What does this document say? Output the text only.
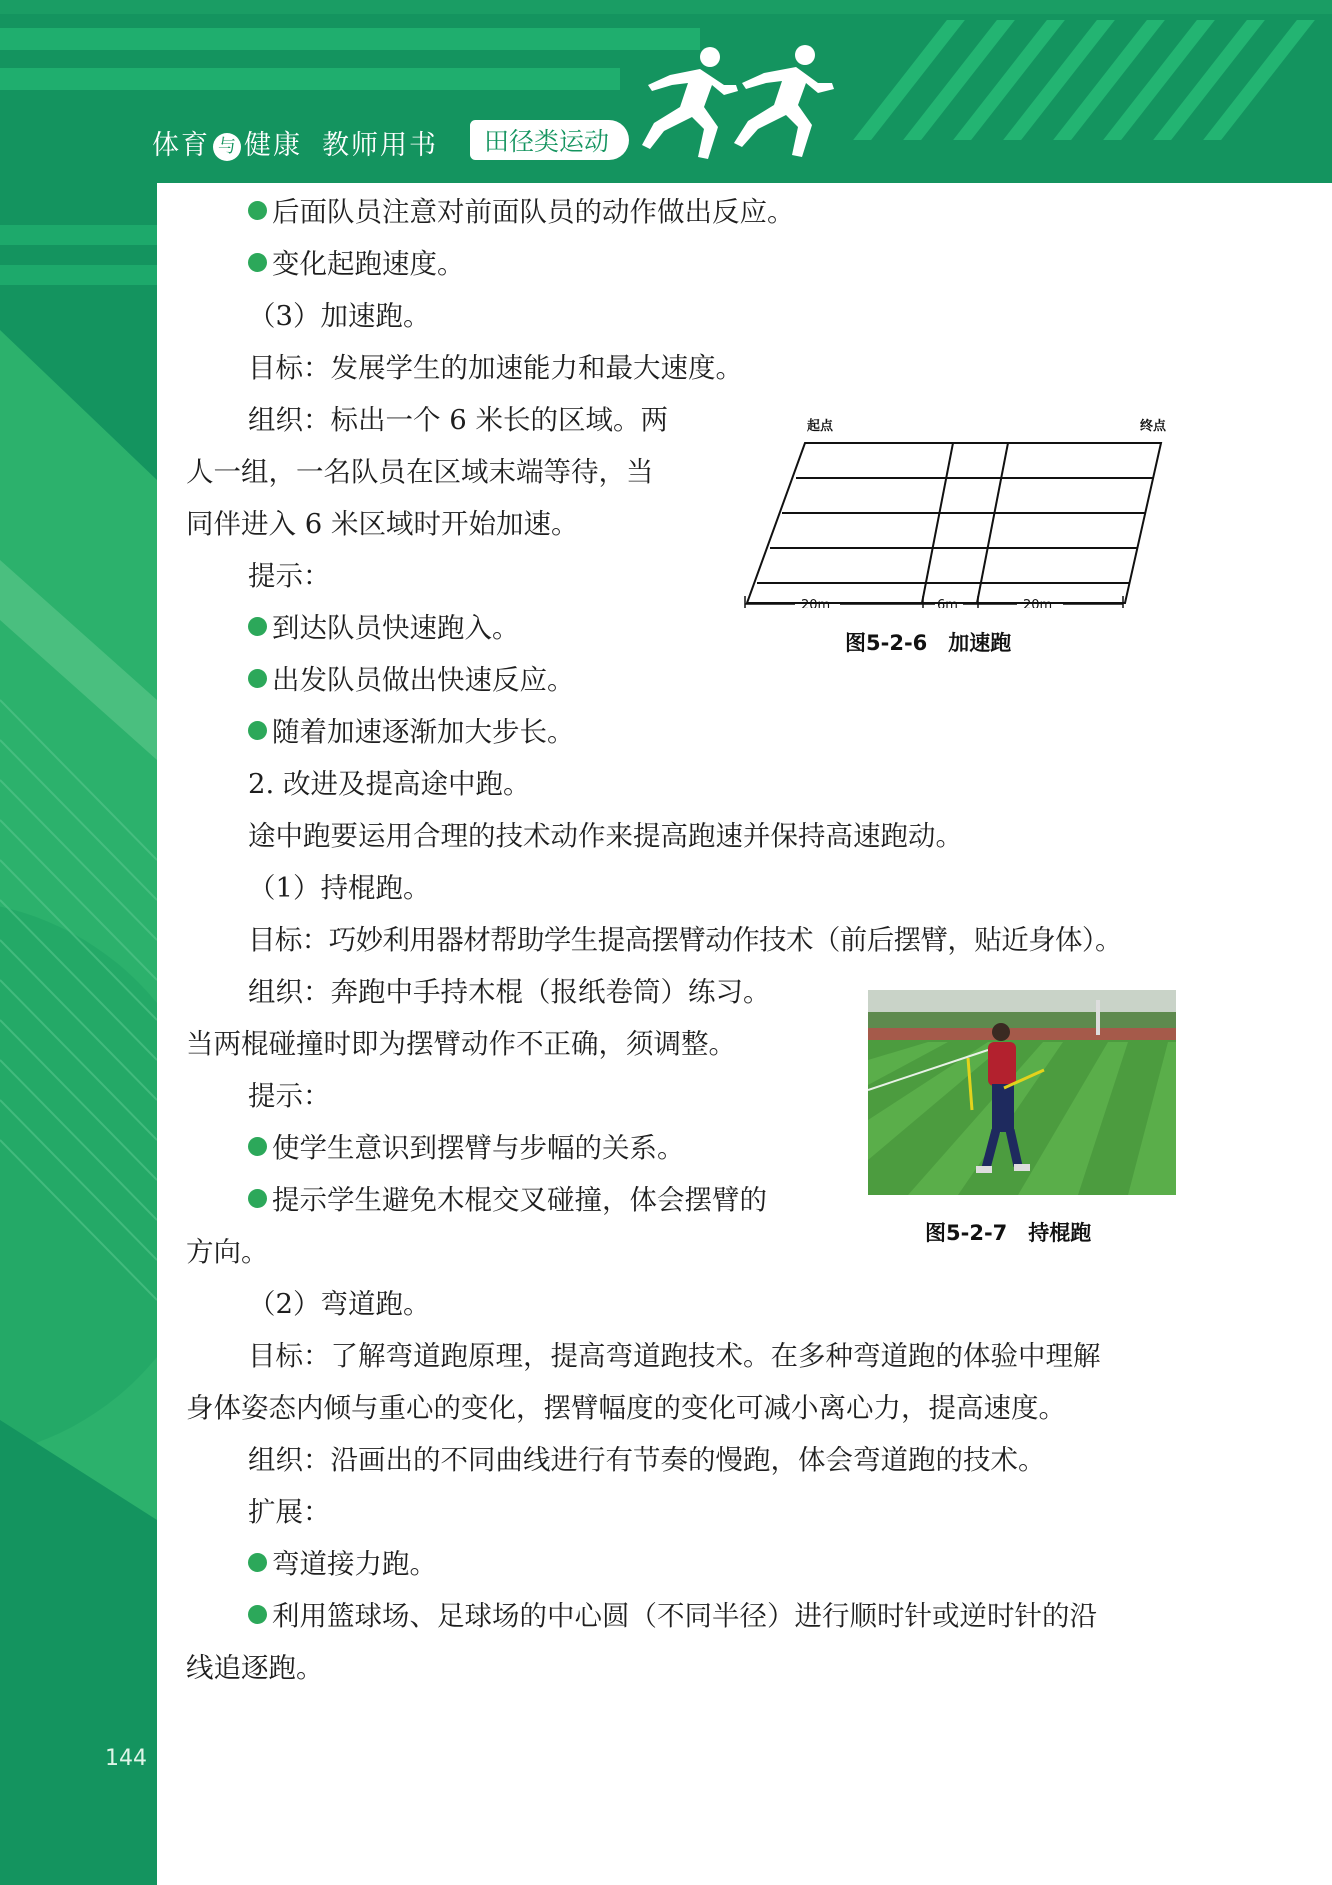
体育 与 健康 教师用书	田径类运动
后面队员注意对前面队员的动作做出反应。
变化起跑速度。
（3）加速跑。
目标：发展学生的加速能力和最大速度。
组织：标出一个 6 米长的区域。两
人一组，一名队员在区域末端等待，当
同伴进入 6 米区域时开始加速。
提示：
到达队员快速跑入。
出发队员做出快速反应。
随着加速逐渐加大步长。
2. 改进及提高途中跑。
途中跑要运用合理的技术动作来提高跑速并保持高速跑动。
（1）持棍跑。
目标：巧妙利用器材帮助学生提高摆臂动作技术（前后摆臂，贴近身体）。
组织：奔跑中手持木棍（报纸卷筒）练习。
当两棍碰撞时即为摆臂动作不正确，须调整。
提示：
使学生意识到摆臂与步幅的关系。
提示学生避免木棍交叉碰撞，体会摆臂的
方向。
（2）弯道跑。
目标：了解弯道跑原理，提高弯道跑技术。在多种弯道跑的体验中理解
身体姿态内倾与重心的变化，摆臂幅度的变化可减小离心力，提高速度。
组织：沿画出的不同曲线进行有节奏的慢跑，体会弯道跑的技术。
扩展：
弯道接力跑。
利用篮球场、足球场的中心圆（不同半径）进行顺时针或逆时针的沿
线追逐跑。
起点	终点
20m	6m	20m
图5-2-6　加速跑
图5-2-7　持棍跑
144
